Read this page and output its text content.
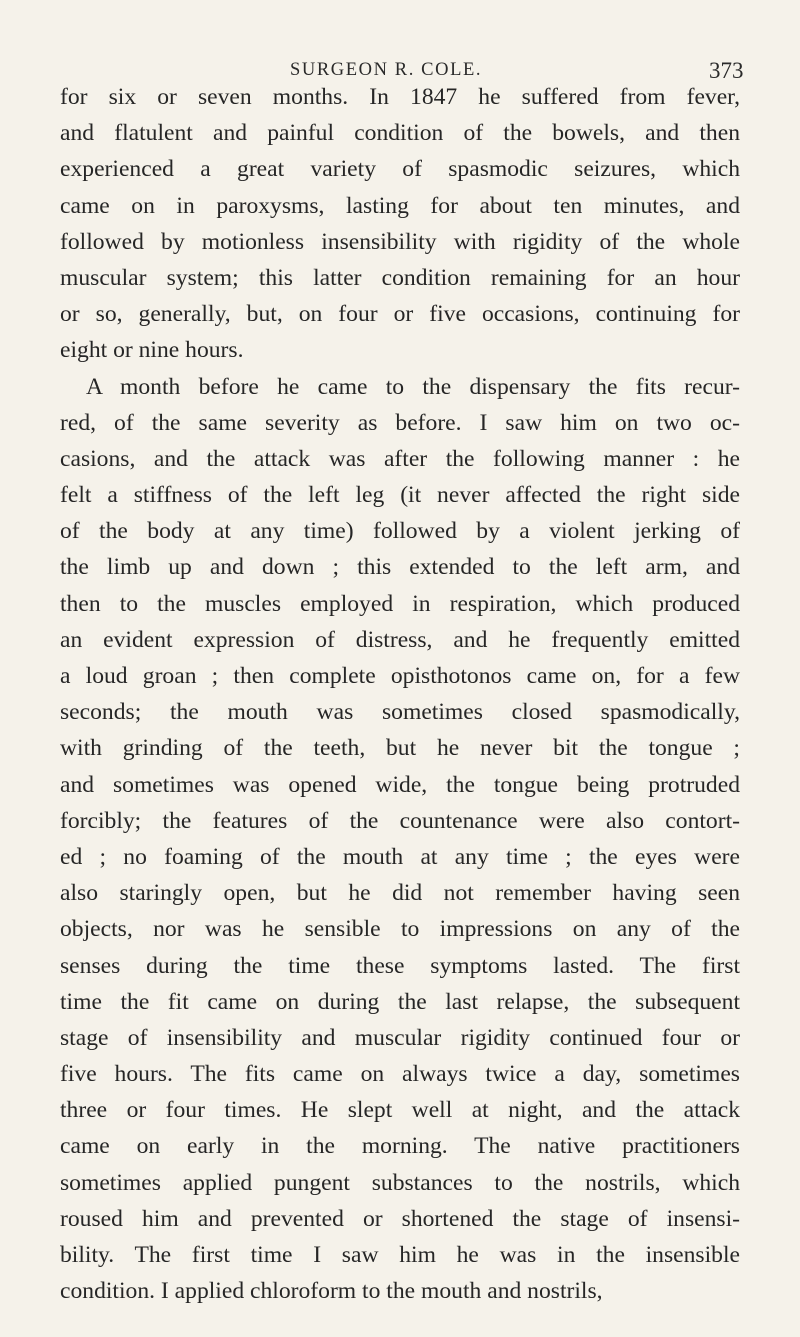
SURGEON R. COLE.	373
for six or seven months. In 1847 he suffered from fever,
and flatulent and painful condition of the bowels, and then
experienced a great variety of spasmodic seizures, which
came on in paroxysms, lasting for about ten minutes, and
followed by motionless insensibility with rigidity of the whole
muscular system; this latter condition remaining for an hour
or so, generally, but, on four or five occasions, continuing for
eight or nine hours.
A month before he came to the dispensary the fits recur-
red, of the same severity as before. I saw him on two oc-
casions, and the attack was after the following manner : he
felt a stiffness of the left leg (it never affected the right side
of the body at any time) followed by a violent jerking of
the limb up and down ; this extended to the left arm, and
then to the muscles employed in respiration, which produced
an evident expression of distress, and he frequently emitted
a loud groan ; then complete opisthotonos came on, for a few
seconds; the mouth was sometimes closed spasmodically,
with grinding of the teeth, but he never bit the tongue ;
and sometimes was opened wide, the tongue being protruded
forcibly; the features of the countenance were also contort-
ed ; no foaming of the mouth at any time ; the eyes were
also staringly open, but he did not remember having seen
objects, nor was he sensible to impressions on any of the
senses during the time these symptoms lasted. The first
time the fit came on during the last relapse, the subsequent
stage of insensibility and muscular rigidity continued four or
five hours. The fits came on always twice a day, sometimes
three or four times. He slept well at night, and the attack
came on early in the morning. The native practitioners
sometimes applied pungent substances to the nostrils, which
roused him and prevented or shortened the stage of insensi-
bility. The first time I saw him he was in the insensible
condition. I applied chloroform to the mouth and nostrils,
